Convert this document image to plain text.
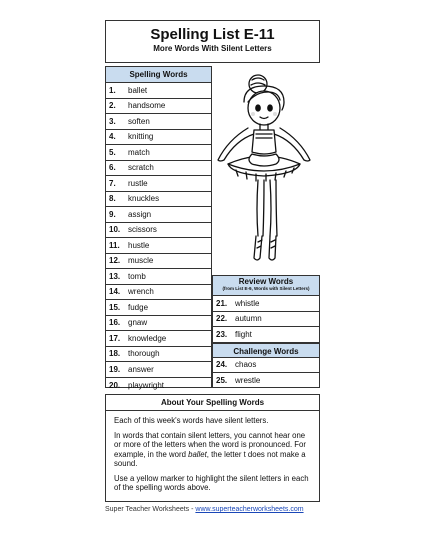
Spelling List E-11
More Words With Silent Letters
Spelling Words
1.	ballet
2.	handsome
3.	soften
4.	knitting
5.	match
6.	scratch
7.	rustle
8.	knuckles
9.	assign
10. scissors
11.	hustle
12. muscle
13. tomb
14. wrench
15. fudge
16. gnaw
17. knowledge
18. thorough
19. answer
20. playwright
Review Words
(from List E-9, Words with Silent Letters)
21. whistle
22. autumn
23. flight
Challenge Words
24. chaos
25. wrestle
About Your Spelling Words

Each of this week's words have silent letters.

In words that contain silent letters, you cannot hear one or more of the letters when the word is pronounced. For example, in the word ballet, the letter t does not make a sound.

Use a yellow marker to highlight the silent letters in each of the spelling words above.

Super Teacher Worksheets - www.superteacherworksheets.com
